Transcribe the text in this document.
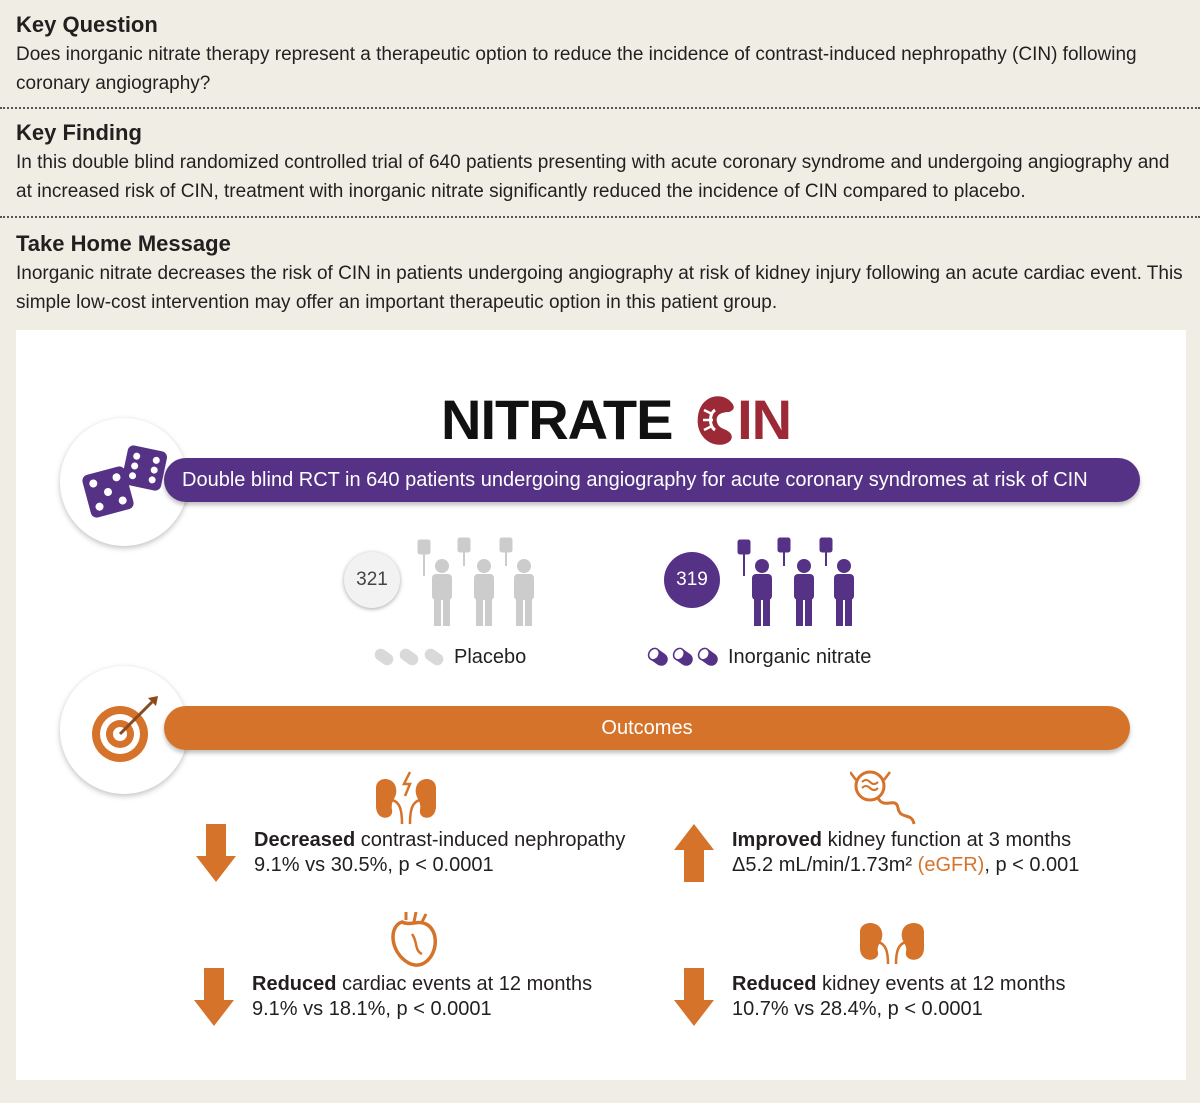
Key Question

Does inorganic nitrate therapy represent a therapeutic option to reduce the incidence of contrast-induced nephropathy (CIN) following coronary angiography?

Key Finding

In this double blind randomized controlled trial of 640 patients presenting with acute coronary syndrome and undergoing angiography and at increased risk of CIN, treatment with inorganic nitrate significantly reduced the incidence of CIN compared to placebo.

Take Home Message

Inorganic nitrate decreases the risk of CIN in patients undergoing angiography at risk of kidney injury following an acute cardiac event. This simple low-cost intervention may offer an important therapeutic option in this patient group.

NITRATE IN
Double blind RCT in 640 patients undergoing angiography for acute coronary syndromes at risk of CIN
321
Placebo
319
Inorganic nitrate
Outcomes
Decreased contrast-induced nephropathy
9.1% vs 30.5%, p < 0.0001
Improved kidney function at 3 months
Δ5.2 mL/min/1.73m² (eGFR), p < 0.001
Reduced cardiac events at 12 months
9.1% vs 18.1%, p < 0.0001
Reduced kidney events at 12 months
10.7% vs 28.4%, p < 0.0001
